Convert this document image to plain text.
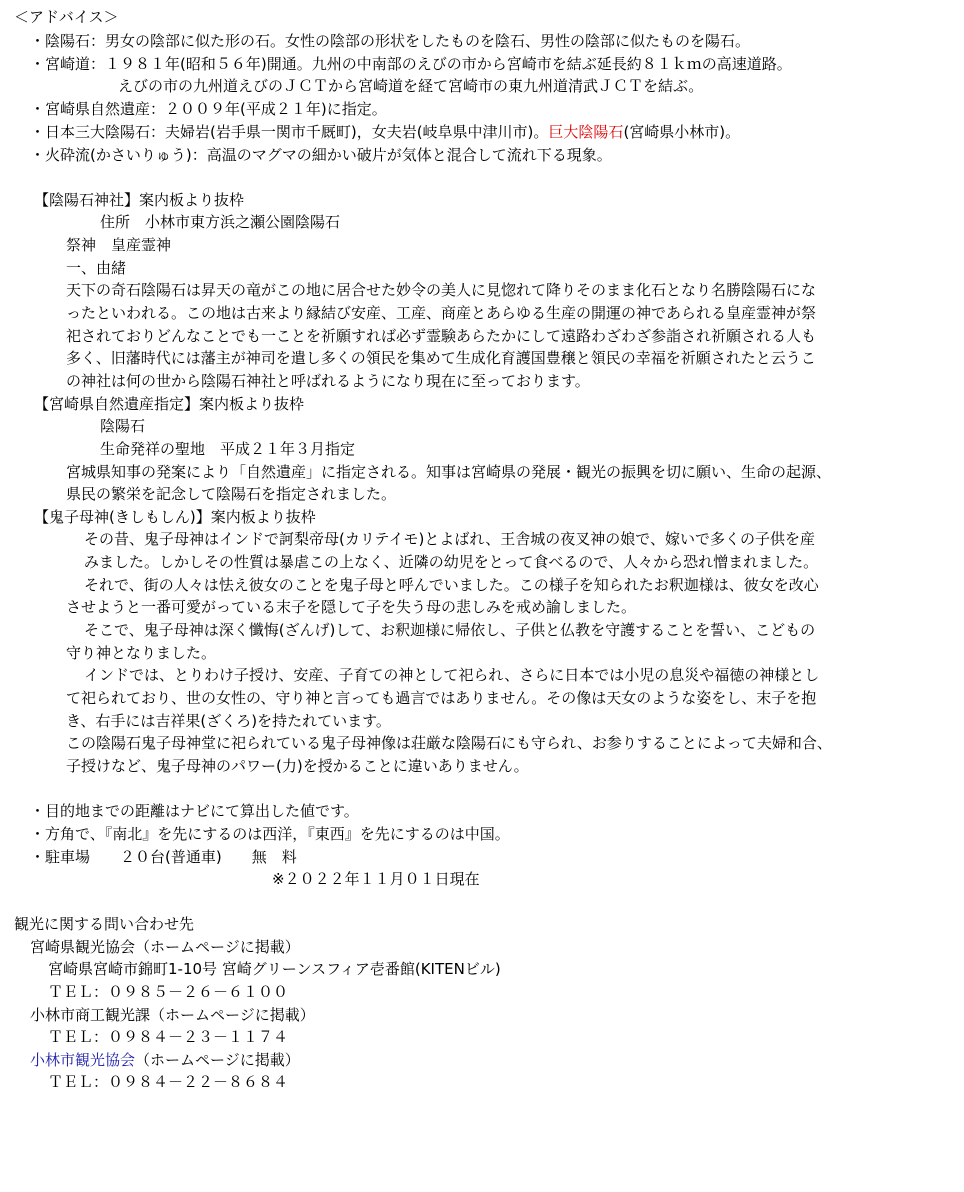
＜アドバイス＞
・陰陽石：男女の陰部に似た形の石。女性の陰部の形状をしたものを陰石、男性の陰部に似たものを陽石。
・宮崎道：１９８１年(昭和５６年)開通。九州の中南部のえびの市から宮崎市を結ぶ延長約８１ｋｍの高速道路。
えびの市の九州道えびのＪＣＴから宮崎道を経て宮崎市の東九州道清武ＪＣＴを結ぶ。
・宮崎県自然遺産：２００９年(平成２１年)に指定。
・日本三大陰陽石：夫婦岩(岩手県一関市千厩町)，女夫岩(岐阜県中津川市)。巨大陰陽石(宮崎県小林市)。
・火砕流(かさいりゅう)：高温のマグマの細かい破片が気体と混合して流れ下る現象。
【陰陽石神社】案内板より抜枠
住所　小林市東方浜之瀬公園陰陽石
祭神　皇産霊神
一、由緒
天下の奇石陰陽石は昇天の竜がこの地に居合せた妙令の美人に見惚れて降りそのまま化石となり名勝陰陽石にな
ったといわれる。この地は古来より縁結び安産、工産、商産とあらゆる生産の開運の神であられる皇産霊神が祭
祀されておりどんなことでも一ことを祈願すれば必ず霊験あらたかにして遠路わざわざ参詣され祈願される人も
多く、旧藩時代には藩主が神司を遣し多くの領民を集めて生成化育護国豊穣と領民の幸福を祈願されたと云うこ
の神社は何の世から陰陽石神社と呼ばれるようになり現在に至っております。
【宮崎県自然遺産指定】案内板より抜枠
陰陽石
生命発祥の聖地　平成２１年３月指定
宮城県知事の発案により「自然遺産」に指定される。知事は宮崎県の発展・観光の振興を切に願い、生命の起源、
県民の繁栄を記念して陰陽石を指定されました。
【鬼子母神(きしもしん)】案内板より抜枠
その昔、鬼子母神はインドで訶梨帝母(カリテイモ)とよばれ、王舎城の夜叉神の娘で、嫁いで多くの子供を産
みました。しかしその性質は暴虐この上なく、近隣の幼児をとって食べるので、人々から恐れ憎まれました。
それで、街の人々は怯え彼女のことを鬼子母と呼んでいました。この様子を知られたお釈迦様は、彼女を改心
させようと一番可愛がっている末子を隠して子を失う母の悲しみを戒め諭しました。
そこで、鬼子母神は深く懺悔(ざんげ)して、お釈迦様に帰依し、子供と仏教を守護することを誓い、こどもの
守り神となりました。
インドでは、とりわけ子授け、安産、子育ての神として祀られ、さらに日本では小児の息災や福徳の神様とし
て祀られており、世の女性の、守り神と言っても過言ではありません。その像は天女のような姿をし、末子を抱
き、右手には吉祥果(ざくろ)を持たれています。
この陰陽石鬼子母神堂に祀られている鬼子母神像は荘厳な陰陽石にも守られ、お参りすることによって夫婦和合、
子授けなど、鬼子母神のパワー(力)を授かることに違いありません。
・目的地までの距離はナビにて算出した値です。
・方角で、『南北』を先にするのは西洋，『東西』を先にするのは中国。
・駐車場　　２０台(普通車)　　無　料
※２０２２年１１月０１日現在
観光に関する問い合わせ先
宮崎県観光協会（ホームページに掲載）
宮崎県宮崎市錦町1-10号 宮崎グリーンスフィア壱番館(KITENビル)
ＴＥＬ：０９８５－２６－６１００
小林市商工観光課（ホームページに掲載）
ＴＥＬ：０９８４－２３－１１７４
小林市観光協会（ホームページに掲載）
ＴＥＬ：０９８４－２２－８６８４
